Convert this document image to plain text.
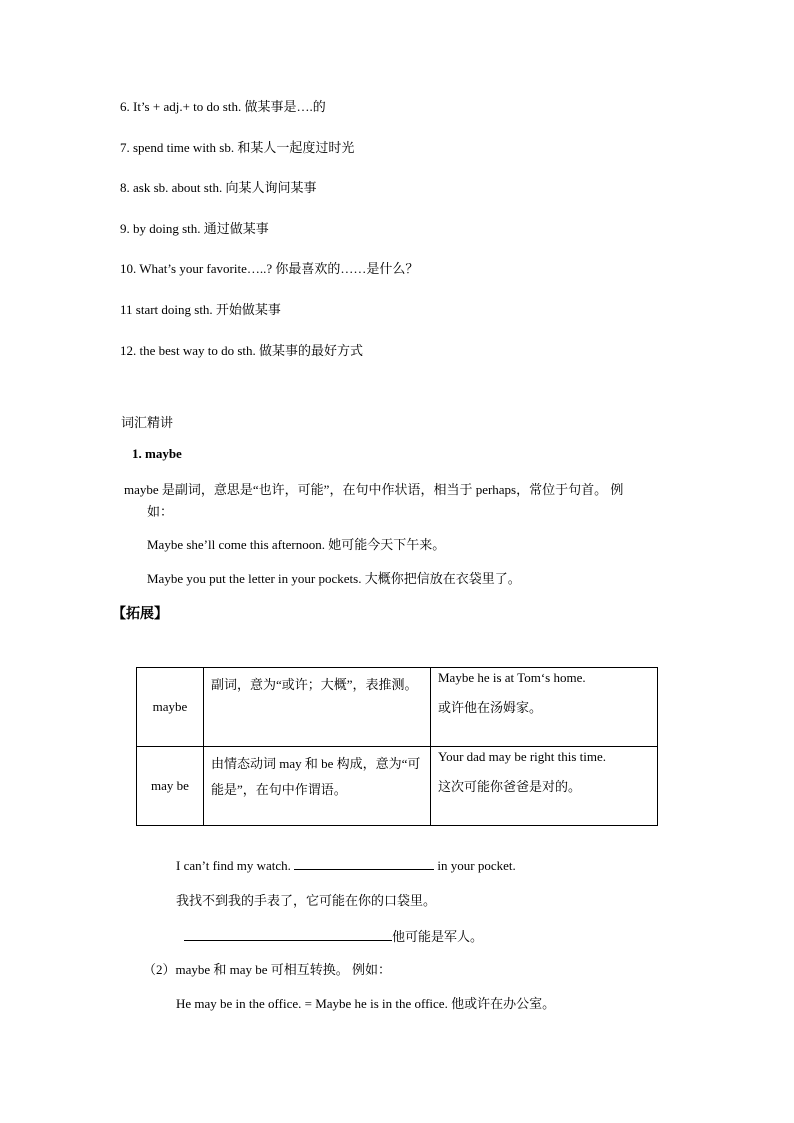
6. It’s + adj.+ to do sth. 做某事是….的
7. spend time with sb. 和某人一起度过时光
8. ask sb. about sth. 向某人询问某事
9. by doing sth. 通过做某事
10. What’s your favorite…..? 你最喜欢的……是什么？
11 start doing sth. 开始做某事
12. the best way to do sth. 做某事的最好方式
词汇精讲
1. maybe
maybe 是副词，意思是“也许，可能”，在句中作状语，相当于 perhaps，常位于句首。 例
如：
Maybe she’ll come this afternoon. 她可能今天下午来。
Maybe you put the letter in your pockets. 大概你把信放在衣袋里了。
【拓展】
maybe	副词，意为“或许；大概”，表推测。	Maybe he is at Tom‘s home.
或许他在汤姆家。

may be	由情态动词 may 和 be 构成，意为“可能是”，在句中作谓语。	Your dad may be right this time.
这次可能你爸爸是对的。
I can’t find my watch.	in your pocket.
我找不到我的手表了，它可能在你的口袋里。
他可能是军人。
（2）maybe 和 may be 可相互转换。 例如：
He may be in the office. = Maybe he is in the office. 他或许在办公室。
